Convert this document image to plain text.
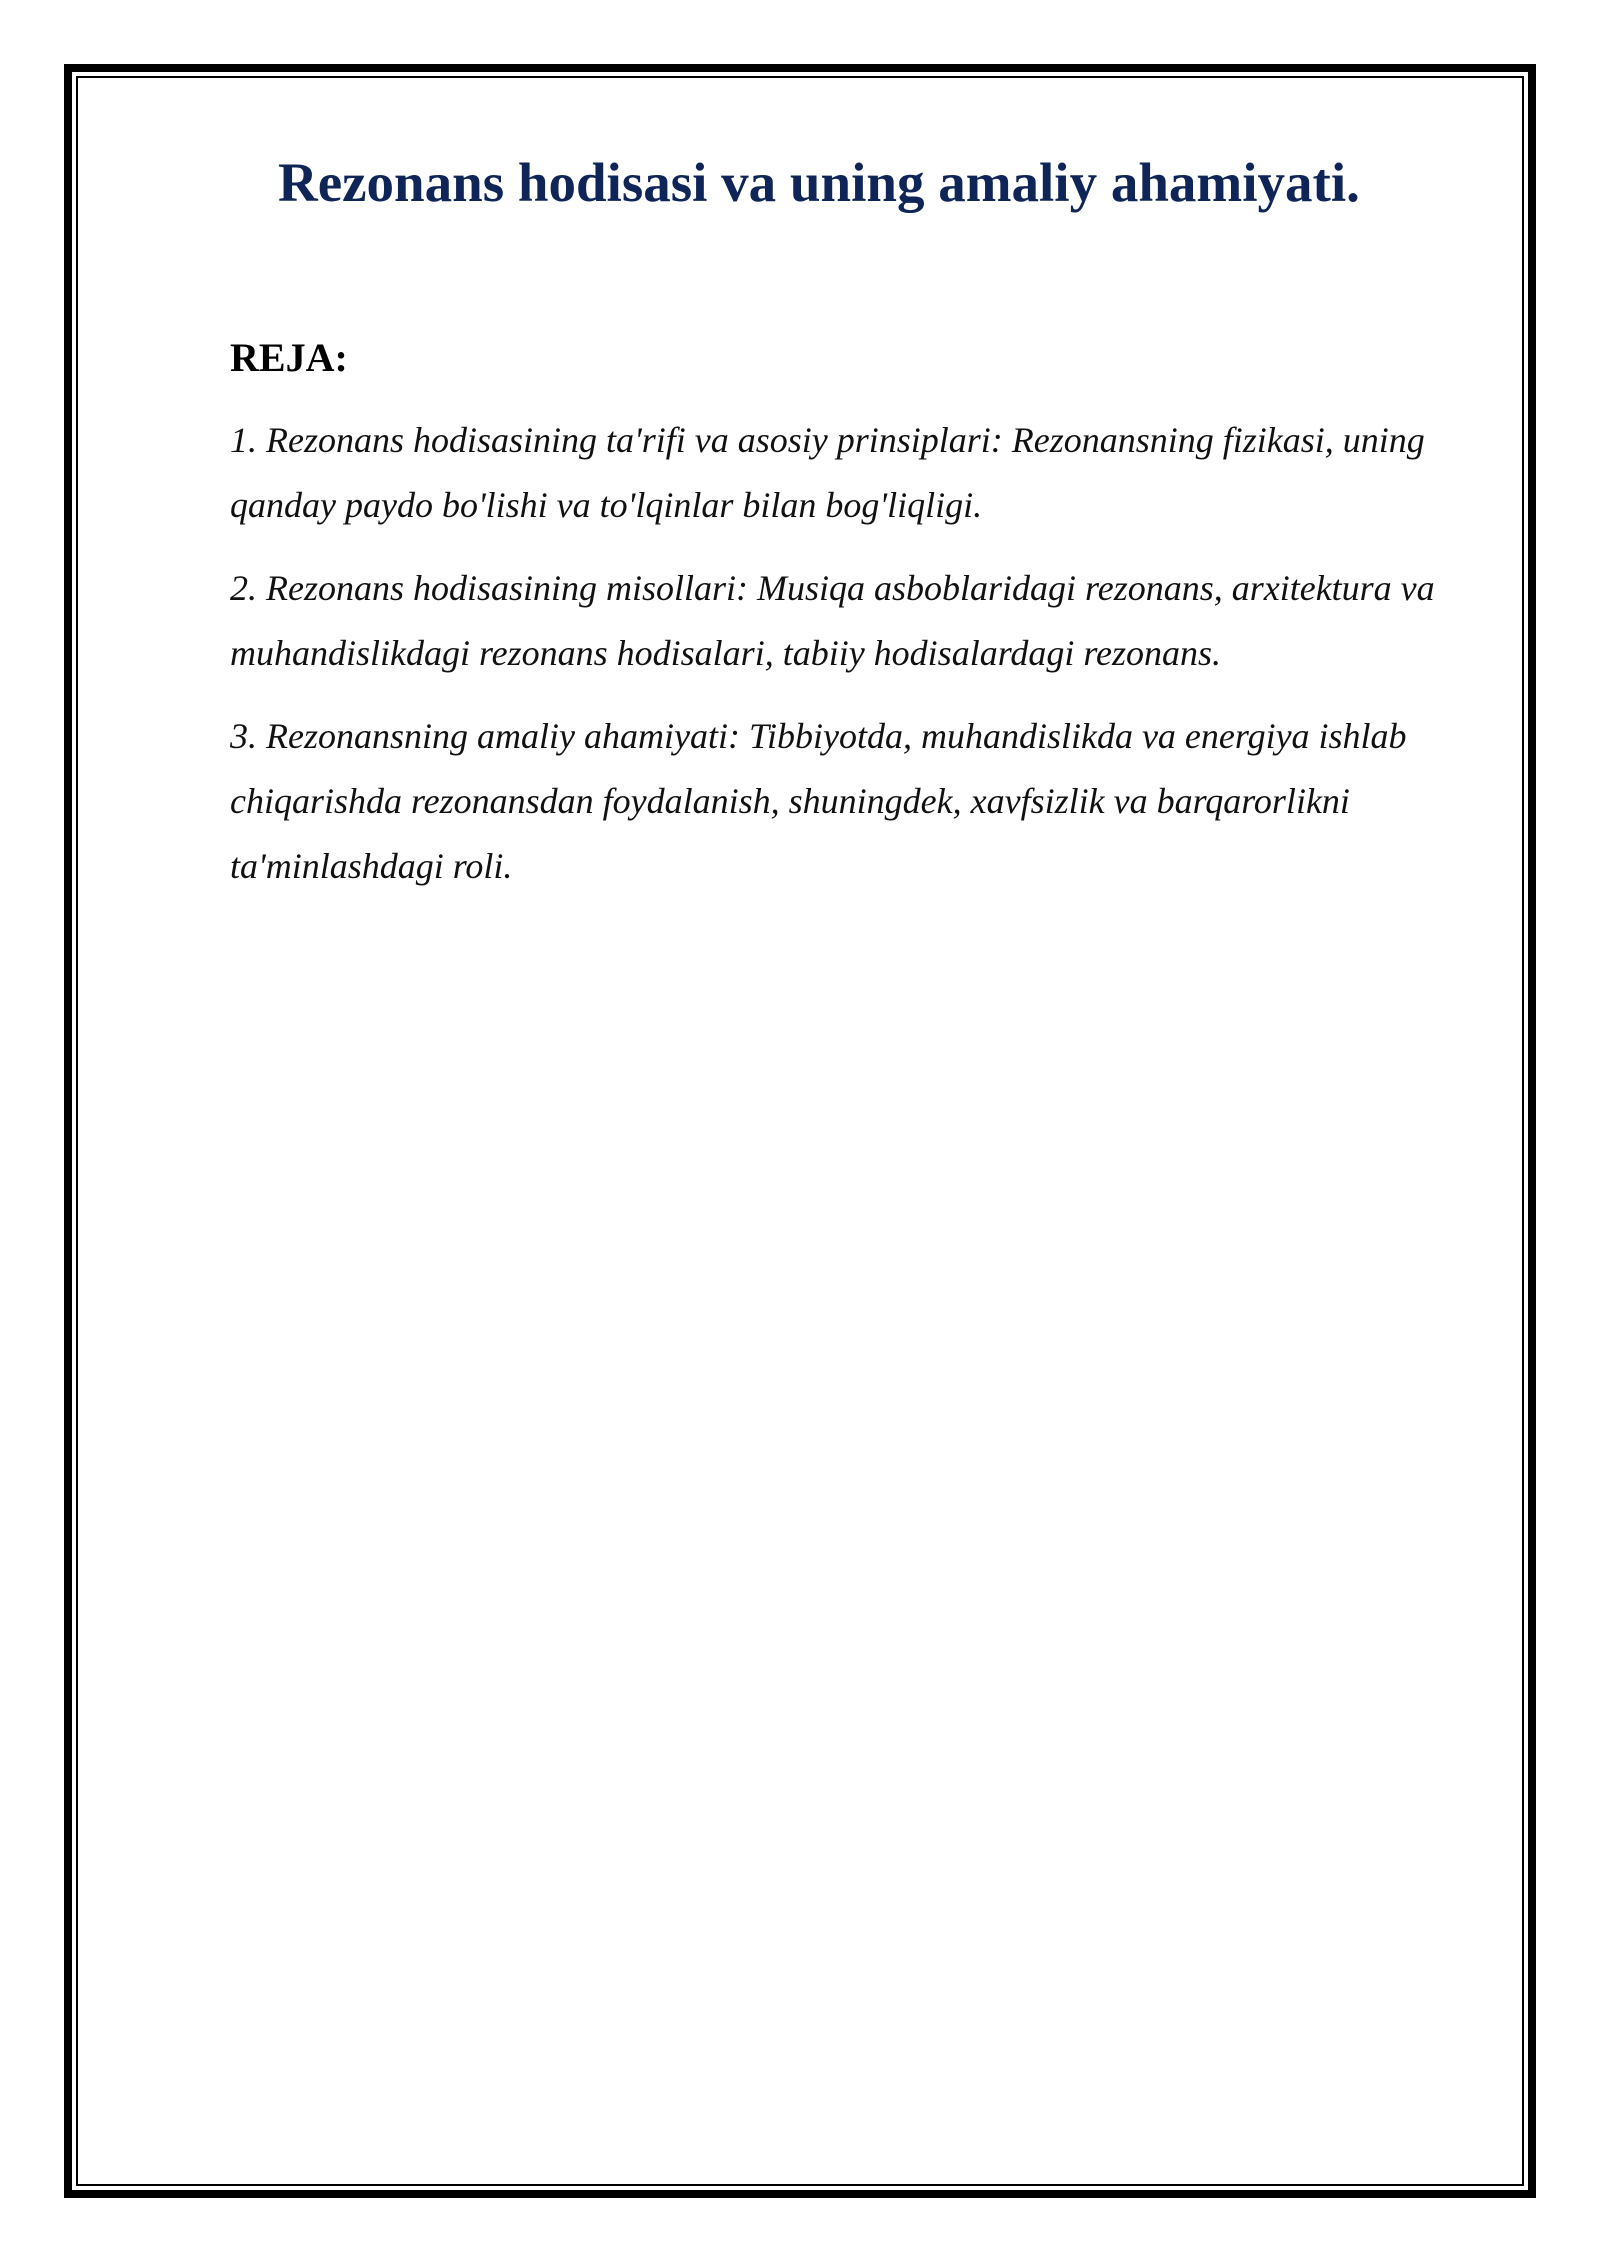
Rezonans hodisasi va uning amaliy ahamiyati.
REJA:
1. Rezonans hodisasining ta'rifi va asosiy prinsiplari: Rezonansning fizikasi, uning qanday paydo bo'lishi va to'lqinlar bilan bog'liqligi.
2. Rezonans hodisasining misollari: Musiqa asboblaridagi rezonans, arxitektura va muhandislikdagi rezonans hodisalari, tabiiy hodisalardagi rezonans.
3. Rezonansning amaliy ahamiyati: Tibbiyotda, muhandislikda va energiya ishlab chiqarishda rezonansdan foydalanish, shuningdek, xavfsizlik va barqarorlikni ta'minlashdagi roli.
